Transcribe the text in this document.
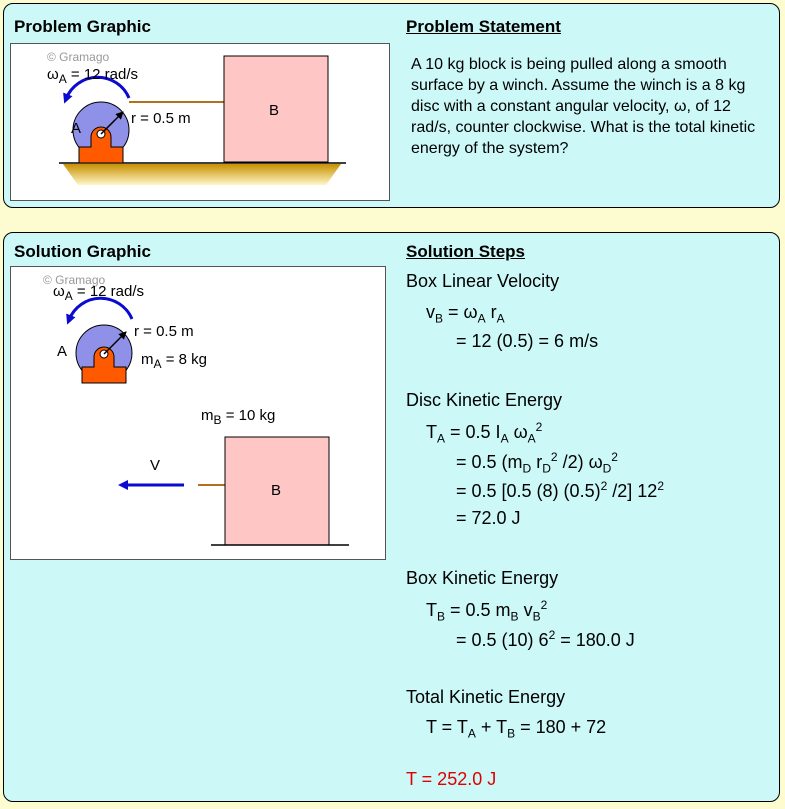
Problem Graphic	Problem Statement
© Gramago
$\omega_A = 12$ rad/s
r = 0.5 m
A
B
A 10 kg block is being pulled along a smooth surface by a winch. Assume the winch is a 8 kg disc with a constant angular velocity, ω, of 12 rad/s, counter clockwise. What is the total kinetic energy of the system?
Solution Graphic	Solution Steps
© Gramago
$\omega_A = 12$ rad/s
r = 0.5 m
A	$m_A = 8$ kg
$m_B = 10$ kg
V
B
Box Linear Velocity
$v_B = \omega_A$ $r_A$
= 12 (0.5) = 6 m/s
Disc Kinetic Energy
$T_A = 0.5$ $I_A$ $\omega_A^2$
= 0.5 ($m_D$ $r_D^2$ /2) $\omega_D^2$
= 0.5 [0.5 (8) $(0.5)^2$ /2] $12^2$
= 72.0 J
Box Kinetic Energy
$T_B = 0.5$ $m_B$ $v_B^2$
= 0.5 (10) $6^2 = 180.0$ J
Total Kinetic Energy
$T = T_A + T_B = 180 + 72$
T = 252.0 J
